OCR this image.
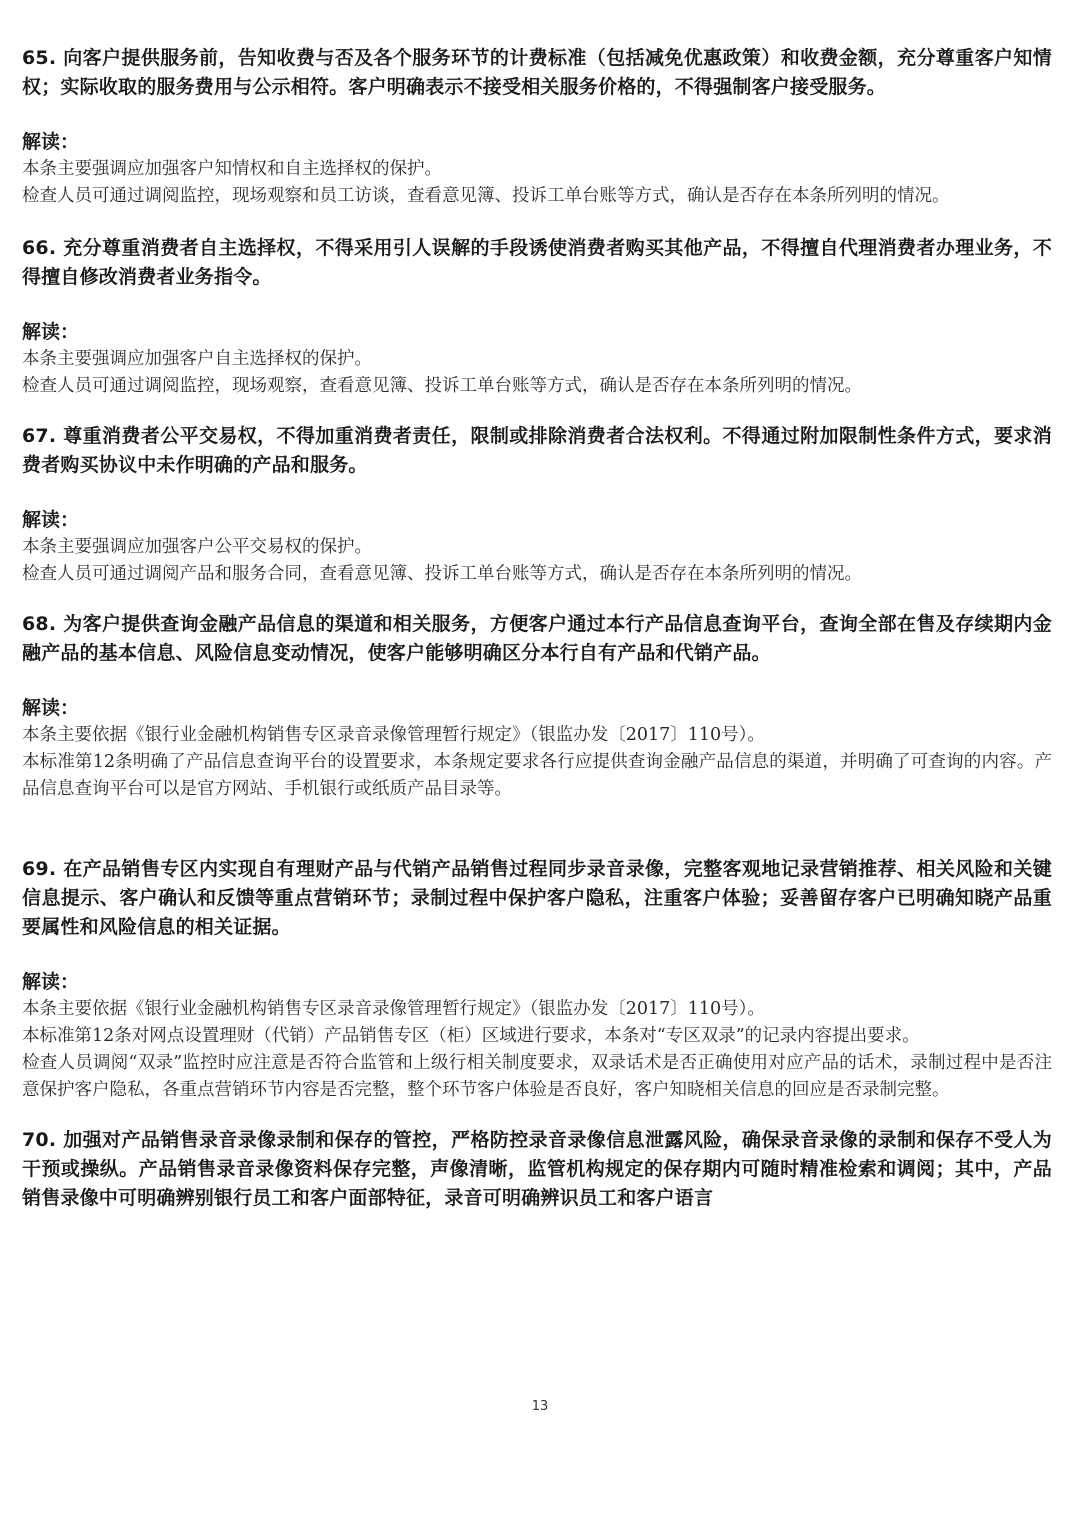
65. 向客户提供服务前，告知收费与否及各个服务环节的计费标准（包括减免优惠政策）和收费金额，充分尊重客户知情权；实际收取的服务费用与公示相符。客户明确表示不接受相关服务价格的，不得强制客户接受服务。

解读：

本条主要强调应加强客户知情权和自主选择权的保护。

检查人员可通过调阅监控，现场观察和员工访谈，查看意见簿、投诉工单台账等方式，确认是否存在本条所列明的情况。

66. 充分尊重消费者自主选择权，不得采用引人误解的手段诱使消费者购买其他产品，不得擅自代理消费者办理业务，不得擅自修改消费者业务指令。

解读：

本条主要强调应加强客户自主选择权的保护。

检查人员可通过调阅监控，现场观察，查看意见簿、投诉工单台账等方式，确认是否存在本条所列明的情况。

67. 尊重消费者公平交易权，不得加重消费者责任，限制或排除消费者合法权利。不得通过附加限制性条件方式，要求消费者购买协议中未作明确的产品和服务。

解读：

本条主要强调应加强客户公平交易权的保护。

检查人员可通过调阅产品和服务合同，查看意见簿、投诉工单台账等方式，确认是否存在本条所列明的情况。

68. 为客户提供查询金融产品信息的渠道和相关服务，方便客户通过本行产品信息查询平台，查询全部在售及存续期内金融产品的基本信息、风险信息变动情况，使客户能够明确区分本行自有产品和代销产品。

解读：

本条主要依据《银行业金融机构销售专区录音录像管理暂行规定》（银监办发〔2017〕110号）。

本标准第12条明确了产品信息查询平台的设置要求，本条规定要求各行应提供查询金融产品信息的渠道，并明确了可查询的内容。产品信息查询平台可以是官方网站、手机银行或纸质产品目录等。

69. 在产品销售专区内实现自有理财产品与代销产品销售过程同步录音录像，完整客观地记录营销推荐、相关风险和关键信息提示、客户确认和反馈等重点营销环节；录制过程中保护客户隐私，注重客户体验；妥善留存客户已明确知晓产品重要属性和风险信息的相关证据。

解读：

本条主要依据《银行业金融机构销售专区录音录像管理暂行规定》（银监办发〔2017〕110号）。

本标准第12条对网点设置理财（代销）产品销售专区（柜）区域进行要求，本条对“专区双录”的记录内容提出要求。

检查人员调阅“双录”监控时应注意是否符合监管和上级行相关制度要求，双录话术是否正确使用对应产品的话术，录制过程中是否注意保护客户隐私，各重点营销环节内容是否完整，整个环节客户体验是否良好，客户知晓相关信息的回应是否录制完整。

70. 加强对产品销售录音录像录制和保存的管控，严格防控录音录像信息泄露风险，确保录音录像的录制和保存不受人为干预或操纵。产品销售录音录像资料保存完整，声像清晰，监管机构规定的保存期内可随时精准检索和调阅；其中，产品销售录像中可明确辨别银行员工和客户面部特征，录音可明确辨识员工和客户语言

13
